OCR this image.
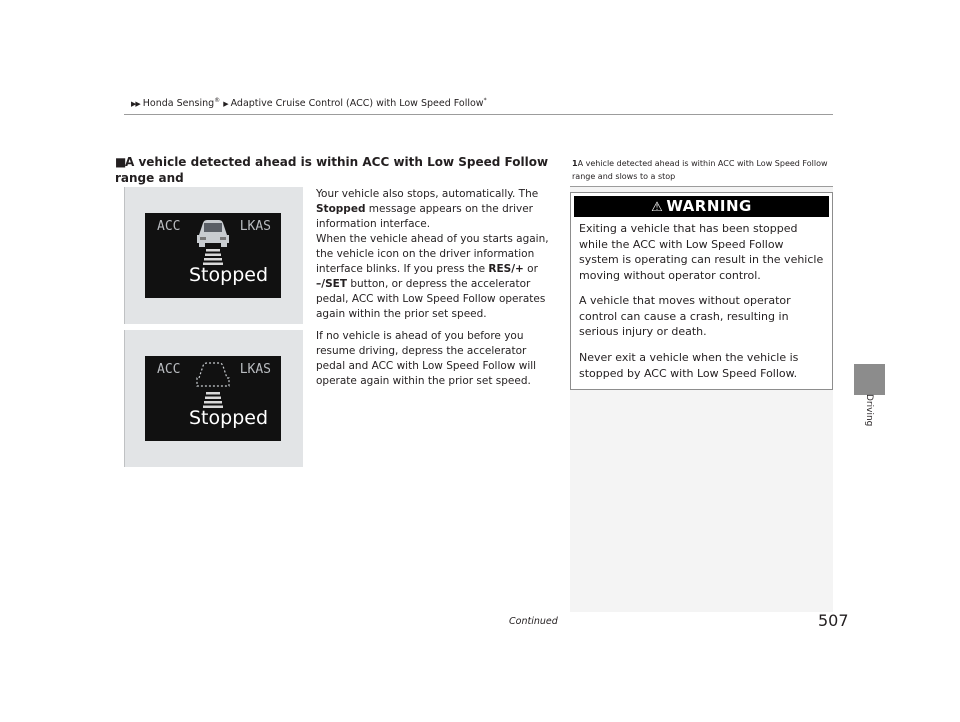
▶▶ Honda Sensing® ▶ Adaptive Cruise Control (ACC) with Low Speed Follow*
Driving
■A vehicle detected ahead is within ACC with Low Speed Follow range and

ACC	LKAS
Stopped
ACC	LKAS
Stopped
Your vehicle also stops, automatically. The
Stopped message appears on the driver information interface.
When the vehicle ahead of you starts again, the vehicle icon on the driver information interface blinks. If you press the RES/+ or –/SET button, or depress the accelerator pedal, ACC with Low Speed Follow operates again within the prior set speed.
If no vehicle is ahead of you before you resume driving, depress the accelerator pedal and ACC with Low Speed Follow will operate again within the prior set speed.
1A vehicle detected ahead is within ACC with Low Speed Follow range and slows to a stop
⚠ WARNING
Exiting a vehicle that has been stopped while the ACC with Low Speed Follow system is operating can result in the vehicle moving without operator control.
A vehicle that moves without operator control can cause a crash, resulting in serious injury or death.
Never exit a vehicle when the vehicle is stopped by ACC with Low Speed Follow.
Continued	507
